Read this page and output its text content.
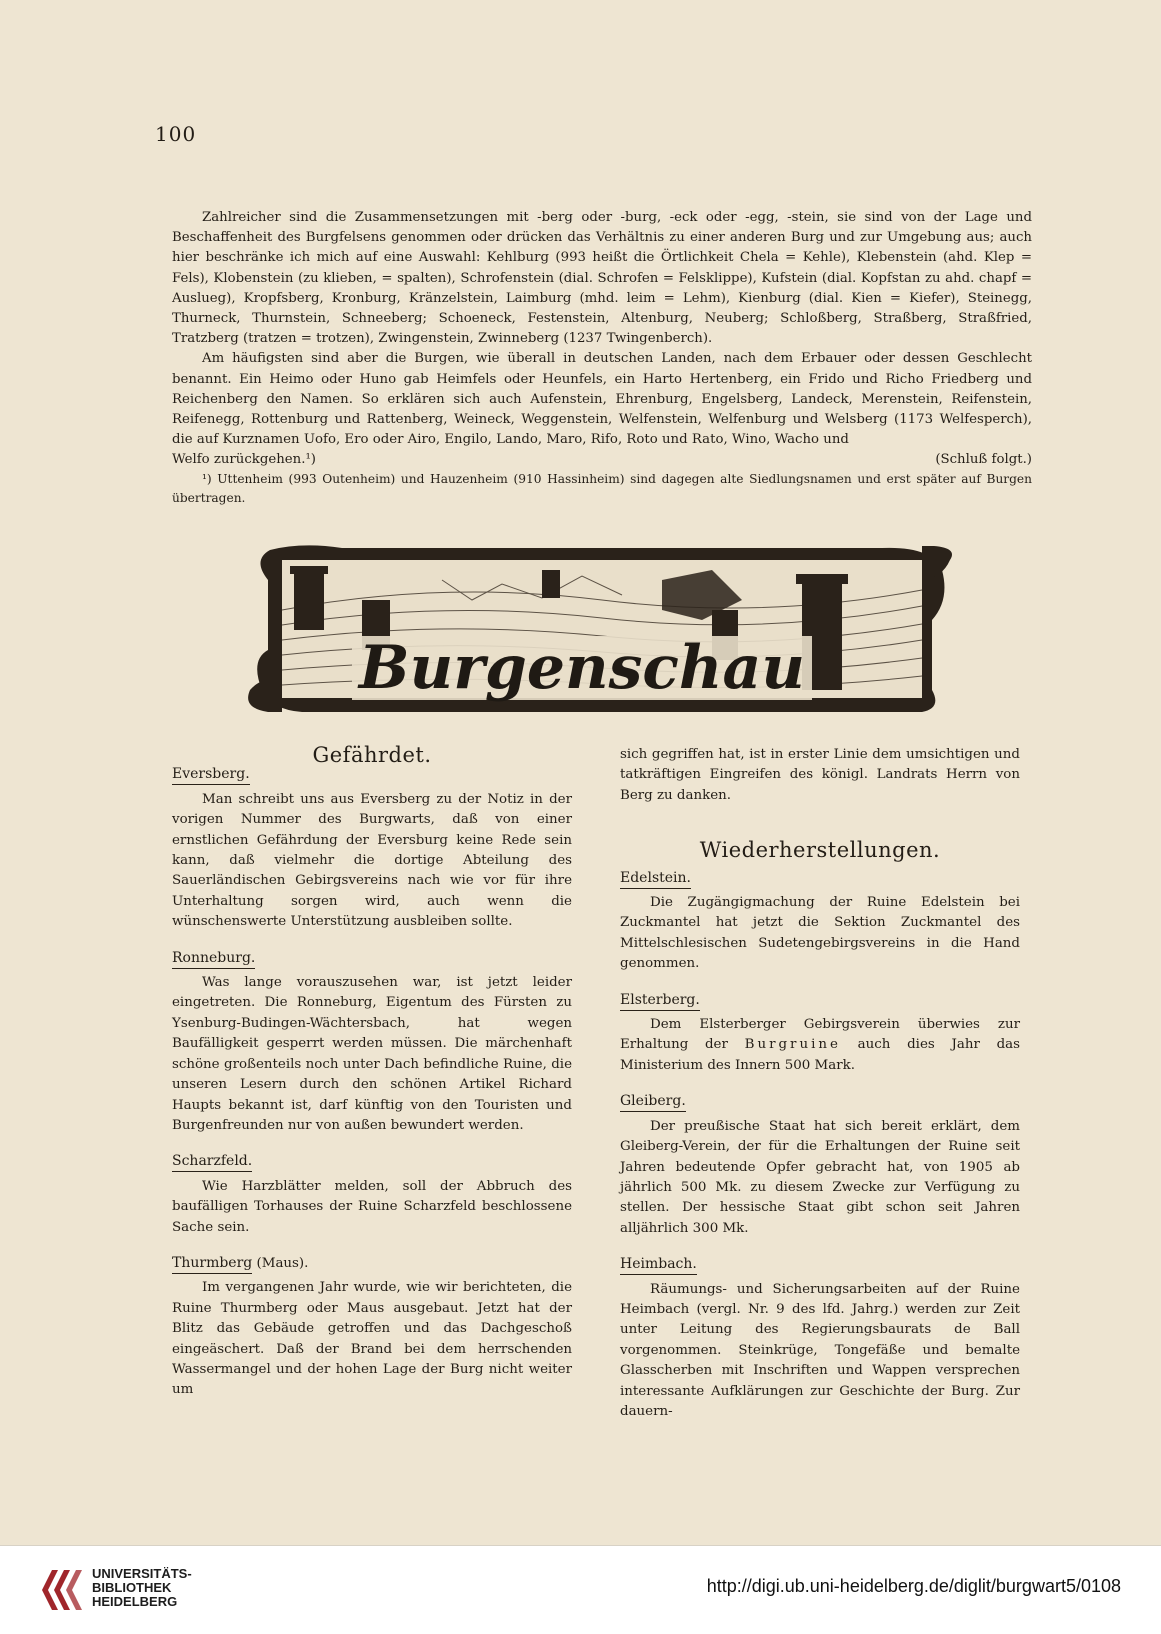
100

Zahlreicher sind die Zusammensetzungen mit -berg oder -burg, -eck oder -egg, -stein, sie sind von der Lage und Beschaffenheit des Burgfelsens genommen oder drücken das Verhältnis zu einer anderen Burg und zur Umgebung aus; auch hier beschränke ich mich auf eine Auswahl: Kehlburg (993 heißt die Örtlichkeit Chela = Kehle), Klebenstein (ahd. Klep = Fels), Klobenstein (zu klieben, = spalten), Schrofenstein (dial. Schrofen = Felsklippe), Kufstein (dial. Kopfstan zu ahd. chapf = Auslueg), Kropfsberg, Kronburg, Kränzelstein, Laimburg (mhd. leim = Lehm), Kienburg (dial. Kien = Kiefer), Steinegg, Thurneck, Thurnstein, Schneeberg; Schoeneck, Festenstein, Altenburg, Neuberg; Schloßberg, Straßberg, Straßfried, Tratzberg (tratzen = trotzen), Zwingenstein, Zwinneberg (1237 Twingenberch).

Am häufigsten sind aber die Burgen, wie überall in deutschen Landen, nach dem Erbauer oder dessen Geschlecht benannt. Ein Heimo oder Huno gab Heimfels oder Heunfels, ein Harto Hertenberg, ein Frido und Richo Friedberg und Reichenberg den Namen. So erklären sich auch Aufenstein, Ehrenburg, Engelsberg, Landeck, Merenstein, Reifenstein, Reifenegg, Rottenburg und Rattenberg, Weineck, Weggenstein, Welfenstein, Welfenburg und Welsberg (1173 Welfesperch), die auf Kurznamen Uofo, Ero oder Airo, Engilo, Lando, Maro, Rifo, Roto und Rato, Wino, Wacho und

Welfo zurückgehen.¹)	(Schluß folgt.)
¹) Uttenheim (993 Outenheim) und Hauzenheim (910 Hassinheim) sind dagegen alte Siedlungsnamen und erst später auf Burgen übertragen.
Burgenschau
Gefährdet.
Eversberg.

Man schreibt uns aus Eversberg zu der Notiz in der vorigen Nummer des Burgwarts, daß von einer ernstlichen Gefährdung der Eversburg keine Rede sein kann, daß vielmehr die dortige Abteilung des Sauerländischen Gebirgsvereins nach wie vor für ihre Unterhaltung sorgen wird, auch wenn die wünschenswerte Unterstützung ausbleiben sollte.

Ronneburg.

Was lange vorauszusehen war, ist jetzt leider eingetreten. Die Ronneburg, Eigentum des Fürsten zu Ysenburg-Budingen-Wächtersbach, hat wegen Baufälligkeit gesperrt werden müssen. Die märchenhaft schöne großenteils noch unter Dach befindliche Ruine, die unseren Lesern durch den schönen Artikel Richard Haupts bekannt ist, darf künftig von den Touristen und Burgenfreunden nur von außen bewundert werden.

Scharzfeld.

Wie Harzblätter melden, soll der Abbruch des baufälligen Torhauses der Ruine Scharzfeld beschlossene Sache sein.

Thurmberg (Maus).

Im vergangenen Jahr wurde, wie wir berichteten, die Ruine Thurmberg oder Maus ausgebaut. Jetzt hat der Blitz das Gebäude getroffen und das Dachgeschoß eingeäschert. Daß der Brand bei dem herrschenden Wassermangel und der hohen Lage der Burg nicht weiter um

sich gegriffen hat, ist in erster Linie dem umsichtigen und tatkräftigen Eingreifen des königl. Landrats Herrn von Berg zu danken.

Wiederherstellungen.
Edelstein.

Die Zugängigmachung der Ruine Edelstein bei Zuckmantel hat jetzt die Sektion Zuckmantel des Mittelschlesischen Sudetengebirgsvereins in die Hand genommen.

Elsterberg.

Dem Elsterberger Gebirgsverein überwies zur Erhaltung der Burgruine auch dies Jahr das Ministerium des Innern 500 Mark.

Gleiberg.

Der preußische Staat hat sich bereit erklärt, dem Gleiberg-Verein, der für die Erhaltungen der Ruine seit Jahren bedeutende Opfer gebracht hat, von 1905 ab jährlich 500 Mk. zu diesem Zwecke zur Verfügung zu stellen. Der hessische Staat gibt schon seit Jahren alljährlich 300 Mk.

Heimbach.

Räumungs- und Sicherungsarbeiten auf der Ruine Heimbach (vergl. Nr. 9 des lfd. Jahrg.) werden zur Zeit unter Leitung des Regierungsbaurats de Ball vorgenommen. Steinkrüge, Tongefäße und bemalte Glasscherben mit Inschriften und Wappen versprechen interessante Aufklärungen zur Geschichte der Burg. Zur dauern-

UNIVERSITÄTS-
BIBLIOTHEK
HEIDELBERG
http://digi.ub.uni-heidelberg.de/diglit/burgwart5/0108
